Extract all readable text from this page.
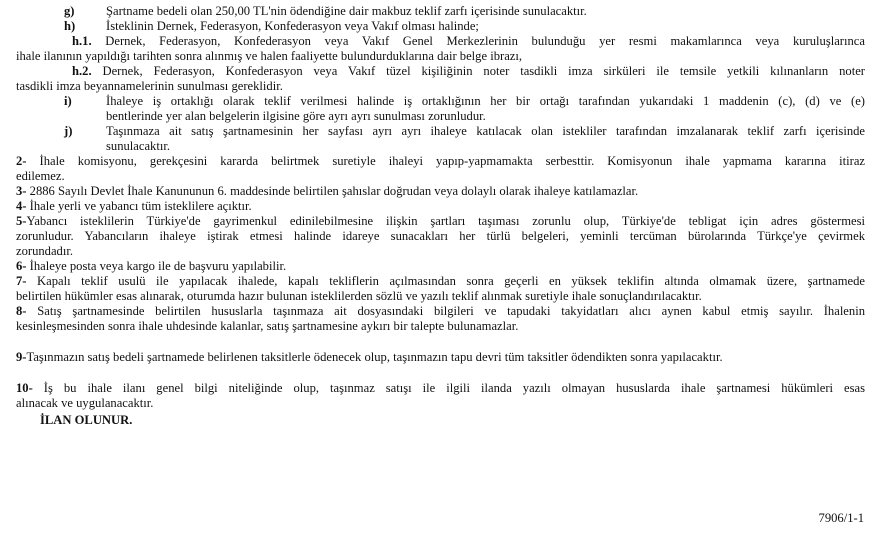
g)	Şartname bedeli olan 250,00 TL'nin ödendiğine dair makbuz teklif zarfı içerisinde sunulacaktır.
h)	İsteklinin Dernek, Federasyon, Konfederasyon veya Vakıf olması halinde;
h.1. Dernek, Federasyon, Konfederasyon veya Vakıf Genel Merkezlerinin bulunduğu yer resmi makamlarınca veya kuruluşlarınca
ihale ilanının yapıldığı tarihten sonra alınmış ve halen faaliyette bulundurduklarına dair belge ibrazı,
h.2. Dernek, Federasyon, Konfederasyon veya Vakıf tüzel kişiliğinin noter tasdikli imza sirküleri ile temsile yetkili kılınanların noter
tasdikli imza beyannamelerinin sunulması gereklidir.
i)	İhaleye iş ortaklığı olarak teklif verilmesi halinde iş ortaklığının her bir ortağı tarafından yukarıdaki 1 maddenin (c), (d) ve (e)
bentlerinde yer alan belgelerin ilgisine göre ayrı ayrı sunulması zorunludur.
j)	Taşınmaza ait satış şartnamesinin her sayfası ayrı ayrı ihaleye katılacak olan istekliler tarafından imzalanarak teklif zarfı içerisinde
sunulacaktır.
2- İhale komisyonu, gerekçesini kararda belirtmek suretiyle ihaleyi yapıp-yapmamakta serbesttir. Komisyonun ihale yapmama kararına itiraz
edilemez.
3- 2886 Sayılı Devlet İhale Kanununun 6. maddesinde belirtilen şahıslar doğrudan veya dolaylı olarak ihaleye katılamazlar.
4- İhale yerli ve yabancı tüm isteklilere açıktır.
5-Yabancı isteklilerin Türkiye'de gayrimenkul edinilebilmesine ilişkin şartları taşıması zorunlu olup, Türkiye'de tebligat için adres göstermesi
zorunludur. Yabancıların ihaleye iştirak etmesi halinde idareye sunacakları her türlü belgeleri, yeminli tercüman bürolarında Türkçe'ye çevirmek
zorundadır.
6- İhaleye posta veya kargo ile de başvuru yapılabilir.
7- Kapalı teklif usulü ile yapılacak ihalede, kapalı tekliflerin açılmasından sonra geçerli en yüksek teklifin altında olmamak üzere, şartnamede
belirtilen hükümler esas alınarak, oturumda hazır bulunan isteklilerden sözlü ve yazılı teklif alınmak suretiyle ihale sonuçlandırılacaktır.
8- Satış şartnamesinde belirtilen hususlarla taşınmaza ait dosyasındaki bilgileri ve tapudaki takyidatları alıcı aynen kabul etmiş sayılır. İhalenin
kesinleşmesinden sonra ihale uhdesinde kalanlar, satış şartnamesine aykırı bir talepte bulunamazlar.
9-Taşınmazın satış bedeli şartnamede belirlenen taksitlerle ödenecek olup, taşınmazın tapu devri tüm taksitler ödendikten sonra yapılacaktır.
10- İş bu ihale ilanı genel bilgi niteliğinde olup, taşınmaz satışı ile ilgili ilanda yazılı olmayan hususlarda ihale şartnamesi hükümleri esas
alınacak ve uygulanacaktır.
İLAN OLUNUR.
7906/1-1
